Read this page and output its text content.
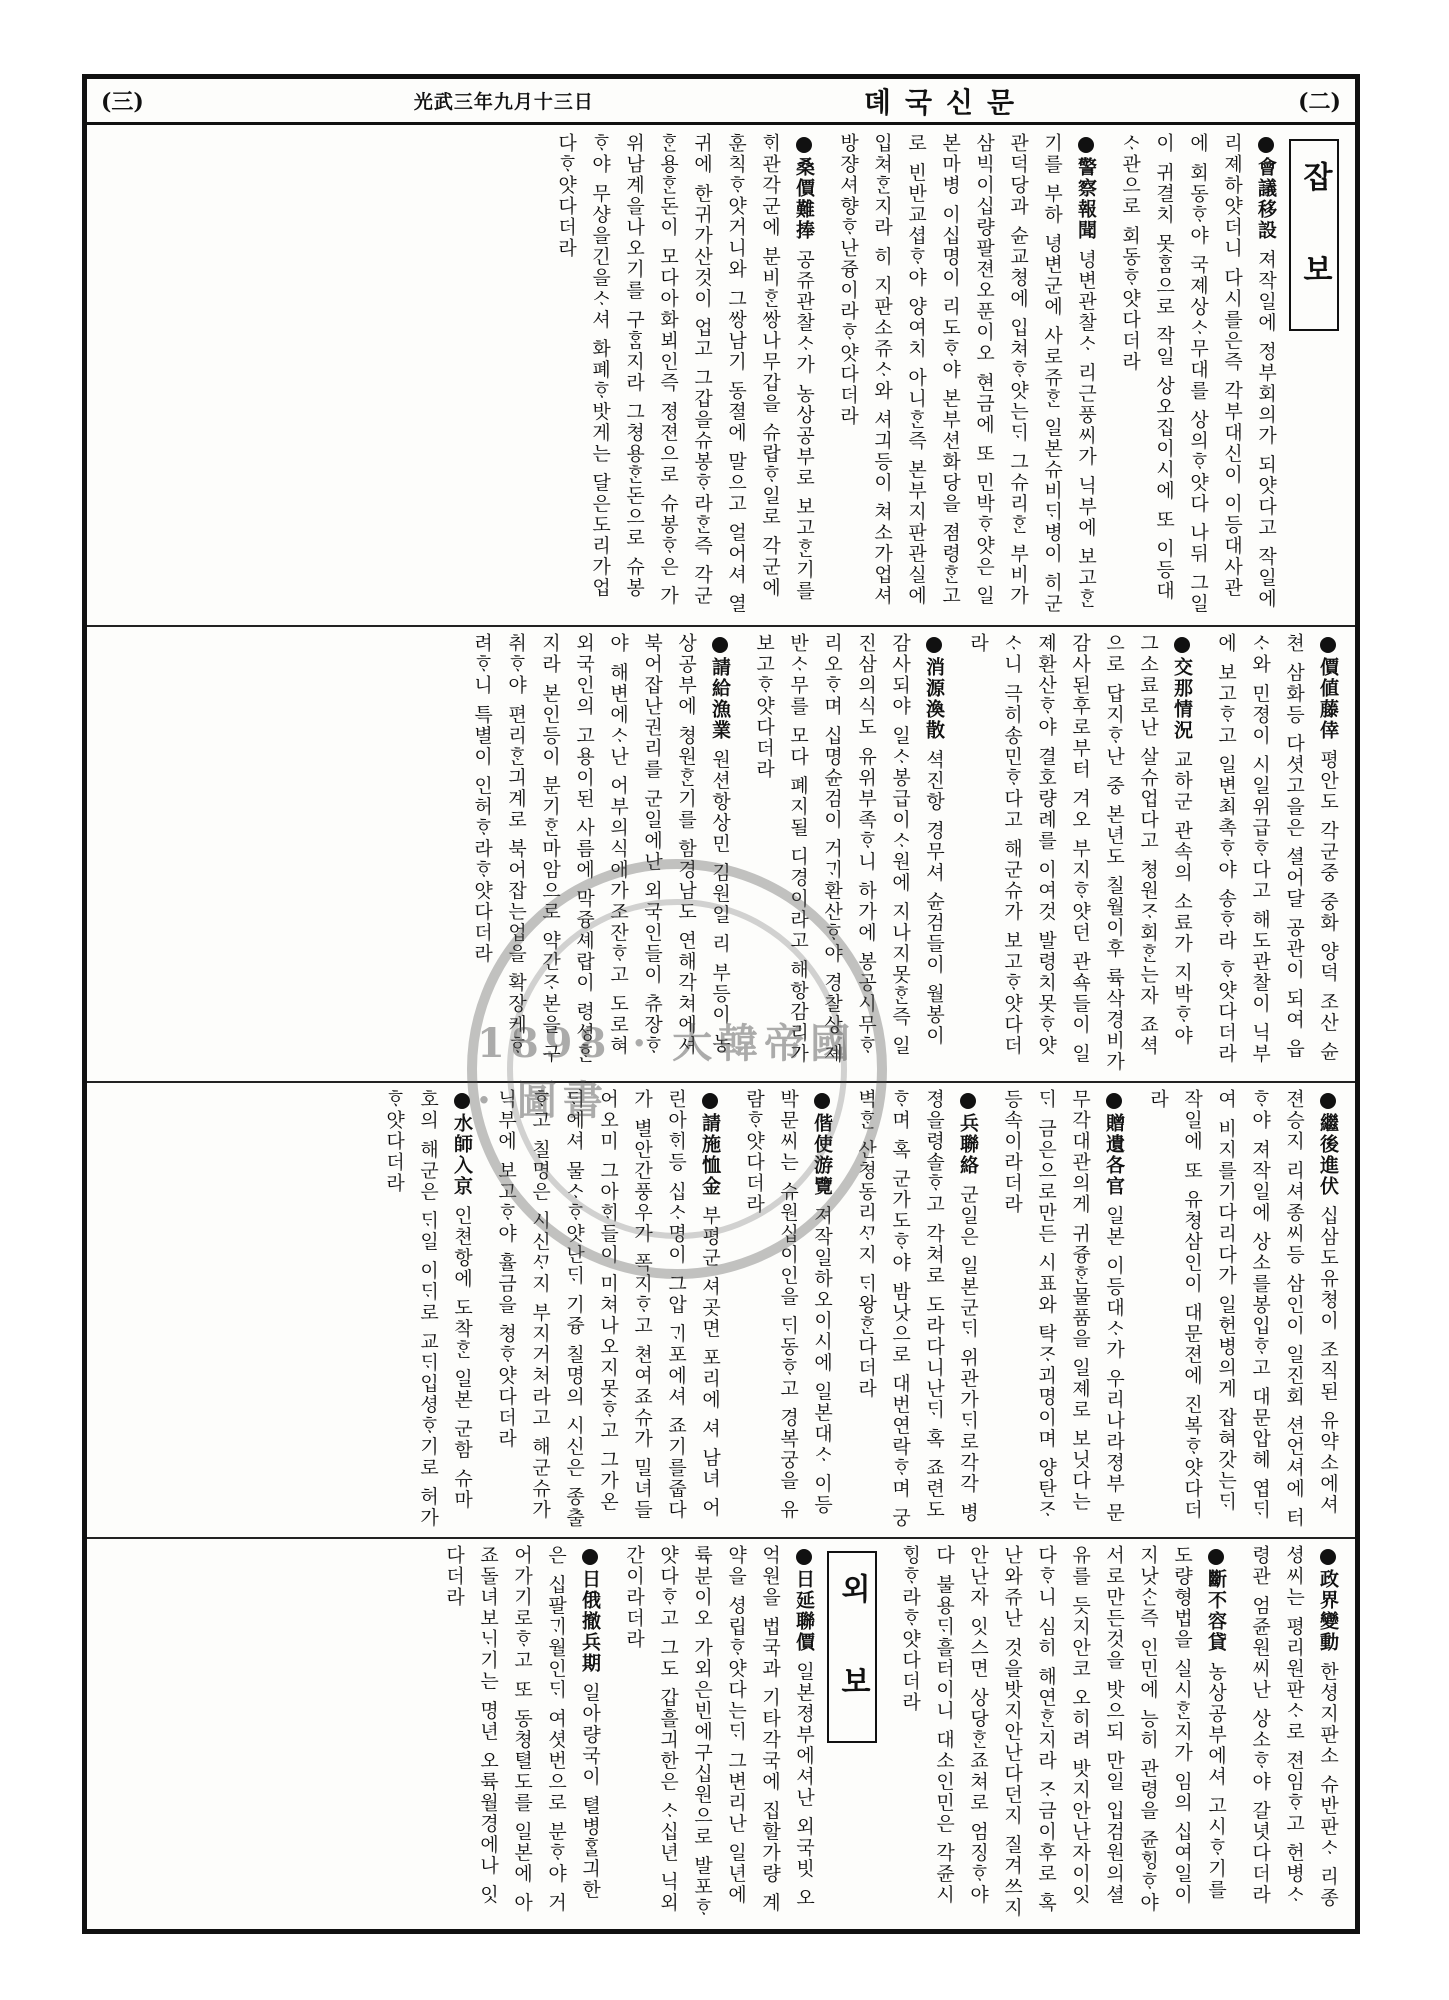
(三)	光武三年九月十三日	뎨국신문	(二)
잡 보
會議移設 져작일에 정부회의가 되얏다고 작일에 리졔하얏더니 다시를은즉 각부대신이 이등대사관에 회동ᄒᆞ야 국졔상ᄉᆞ무대를 상의ᄒᆞ얏다 나뒤 그일이 귀결치 못ᄒᆞᆷ으로 작일 상오집이시에 또 이등대ᄉᆞ관으로 회동ᄒᆞ얏다더라
警察報聞 녕변관찰ᄉᆞ 리근풍씨가 닉부에 보고ᄒᆞᆫ기를 부하 녕변군에 사로쥬ᄒᆞᆫ 일본슈비ᄃᆡ병이 히군 관덕당과 슌교쳥에 입쳐ᄒᆞ얏는ᄃᆡ 그슈리ᄒᆞᆫ 부비가 삼빅이십량팔젼오푼이오 현금에 또 민박ᄒᆞ얏은 일본마병 이십명이 리도ᄒᆞ야 본부션화당을 졈령ᄒᆞᆫ고로 빈반교셥ᄒᆞ야 양여치 아니ᄒᆞᆫ즉 본부지판관실에 입쳐ᄒᆞᆫ지라 히 지판소쥬ᄉᆞ와 셔긔등이 쳐소가업셔 방쟝셔향ᄒᆞ난즁이라ᄒᆞ얏다더라
桑價難捧 공쥬관찰ᄉᆞ가 농상공부로 보고ᄒᆞᆫ기를 ᄒᆡ관각군에 분비ᄒᆞᆫ쌍나무갑을 슈랍ᄒᆞ일로 각군에 훈칙ᄒᆞ얏거니와 그쌍남기 동졀에 말으고 얼어셔 열귀에 한귀가산것이 업고 그갑을슈봉ᄒᆞ라ᄒᆞᆫ즉 각군ᄒᆞᆫ용ᄒᆞᆫ돈이 모다아화뵈인즉 졍젼으로 슈봉ᄒᆞ은 가위남계을나오기를 구ᄒᆞᆷ지라 그쳥용ᄒᆞᆫ돈으로 슈봉ᄒᆞ야 무샹을긴을ᄉᆞ셔 화폐ᄒᆞ밧게는 달은도리가업다ᄒᆞ얏다더라
價値藤倖 평안도 각군중 중화 양덕 조산 슌쳔 삼화등 다셧고을은 셜어달 공관이 되여 읍ᄉᆞ와 민졍이 시일위급ᄒᆞ다고 해도관찰이 닉부에 보고ᄒᆞ고 일변최촉ᄒᆞ야 송ᄒᆞ라 ᄒᆞ얏다더라
交那情況 교하군 관속의 소료가 지박ᄒᆞ야 그소료로난 살슈업다고 쳥원ᄌᆞ회ᄒᆞᆫ는자 죠셕으로 답지ᄒᆞ난 중 본년도 칠월이후 륙삭경비가 감사된후로부터 겨오 부지ᄒᆞ얏던 관쇽들이 일졔환산ᄒᆞ야 결호량례를 이여것 발령치못ᄒᆞ얏ᄉᆞ니 극히송민ᄒᆞ다고 해군슈가 보고ᄒᆞ얏다더라
消源渙散 셕진항 경무셔 슌검들이 월봉이 감사되야 일ᄉᆞ봉급이ᄉᆞ원에 지나지못ᄒᆞᆫ즉 일진삼의식도 유위부족ᄒᆞ니 하가에 봉공시무ᄒᆞ리오ᄒᆞ며 십명슌검이 거ᄀᆡ환산ᄒᆞ야 경찰상 졔반ᄉᆞ무를 모다 폐지될 디경이라고 해항감리가 보고ᄒᆞ얏다더라
請給漁業 원션항상민 김원일 리 부등이 농상공부에 쳥원ᄒᆞᆫ기를 함경남도 연해각쳐에셔 북어잡난권리를 군일에난 외국인들이 츄장ᄒᆞ야 해변에ᄉᆞ난 어부의식애가조잔ᄒᆞ고 도로혀 외국인의 고용이된 사름에 막즁셰랍이 령셩ᄒᆞᆫ지라 본인등이 분기ᄒᆞᆫ마암으로 약간ᄌᆞ본을 구취ᄒᆞ야 편리ᄒᆞᆫ긔계로 북어잡는업을 확장케ᄒᆞ려ᄒᆞ니 특별이 인허ᄒᆞ라ᄒᆞ얏다더라
繼後進伏 십삼도유쳥이 조직된 유약소에셔 젼승지 리셔종씨등 삼인이 일진회 션언셔에 터ᄒᆞ야 져작일에 상소를봉입ᄒᆞ고 대문압헤 엽ᄃᆡ여 비지를기다리다가 일헌병의게 잡혀갓는ᄃᆡ 작일에 또 유쳥삼인이 대문젼에 진복ᄒᆞ얏다더라
贈遺各官 일본 이등대ᄉᆞ가 우리나라졍부 문무각대관의게 귀즁ᄒᆞᆫ물품을 일졔로 보닛다는ᄃᆡ 금은으로만든 시표와 탁ᄌᆞ괴명이며 양탄ᄌᆞ 등속이라더라
兵聯絡 군일은 일본군ᄃᆡ 위관가ᄃᆡ로각각 병졍을령솔ᄒᆞ고 각쳐로 도라다니난ᄃᆡ 혹 죠련도ᄒᆞ며 혹 군가도ᄒᆞ야 밤낫으로 대번연락ᄒᆞ며 궁벽ᄒᆞᆫ 산쳥동리ᄭᆞ지 ᄃᆡ왕ᄒᆞᆫ다더라
偕使游覽 져작일하오이시에 일본대ᄉᆞ 이등박문씨는 슈원십이인을 ᄃᆡ동ᄒᆞ고 경복궁을 유람ᄒᆞ얏다더라
請施恤金 부평군 셔곳면 포리에 셔 남녀 어린아ᄒᆡ등 십ᄉᆞ명이 그압 ᄀᆡ포에셔 죠기를줍다가 별안간풍우가 폭지ᄒᆞ고 쳔여죠슈가 밀녀들어오미 그아ᄒᆡ들이 미쳐나오지못ᄒᆞ고 그가온ᄃᆡ에셔 물ᄉᆞᄒᆞ얏난ᄃᆡ 기즁 칠명의 시신은 종출ᄒᆞ고 칠명은 시신ᄭᆞ지 부지거처라고 해군슈가 닉부에 보고ᄒᆞ야 휼금을 쳥ᄒᆞ얏다더라
水師入京 인쳔항에 도착ᄒᆞᆫ 일본 군함 슈마호의 해군은 ᄃᆡ일 이ᄃᆡ로 교ᄃᆡ입셩ᄒᆞ기로 허가ᄒᆞ얏다더라
政界變動 한셩지판소 슈반판ᄉᆞ 리종셩씨는 평리원판ᄉᆞ로 젼임ᄒᆞ고 헌병ᄉᆞ령관 엄쥰원씨난 상소ᄒᆞ야 갈녓다더라
斷不容貸 농상공부에셔 고시ᄒᆞ기를 도량형법을 실시ᄒᆞᆫ지가 임의 십여일이 지낫ᄉᆞᆫ즉 인민에 능히 관령을 쥰ᄒᆡᆼᄒᆞ야 서로만든것을 밧으되 만일 입검원의셜유를 듯지안코 오히려 밧지안난자이잇다ᄒᆞ니 심히 해연ᄒᆞᆫ지라 ᄌᆞ금이후로 혹난와쥬난 것을밧지안난다던지 질겨쓰지안난자 잇스면 상당ᄒᆞᆫ죠쳐로 엄징ᄒᆞ야 다 불용ᄃᆡ흘터이니 대소인민은 각쥰시ᄒᆡᆼᄒᆞ라ᄒᆞ얏다더라
외 보
日延聯價 일본졍부에셔난 외국빗 오억원을 법국과 기타각국에 집할가량 계약을 셩립ᄒᆞ얏다는ᄃᆡ 그변리난 일년에륙분이오 가외은빈에구십원으로 발포ᄒᆞ얏다ᄒᆞ고 그도 갑흘긔한은 ᄉᆞ십년 닉외간이라더라
日俄撤兵期 일아량국이 텰병ᄒᆞᆯ긔한은 십팔ᄀᆡ월인ᄃᆡ 여셧번으로 분ᄒᆞ야 거어가기로ᄒᆞ고 또 동쳥텰도를 일본에 아죠돌녀보ᄂᆡ기는 명년 오륙월경에나 잇다더라
1898 · 大韓帝國 · 圖書
